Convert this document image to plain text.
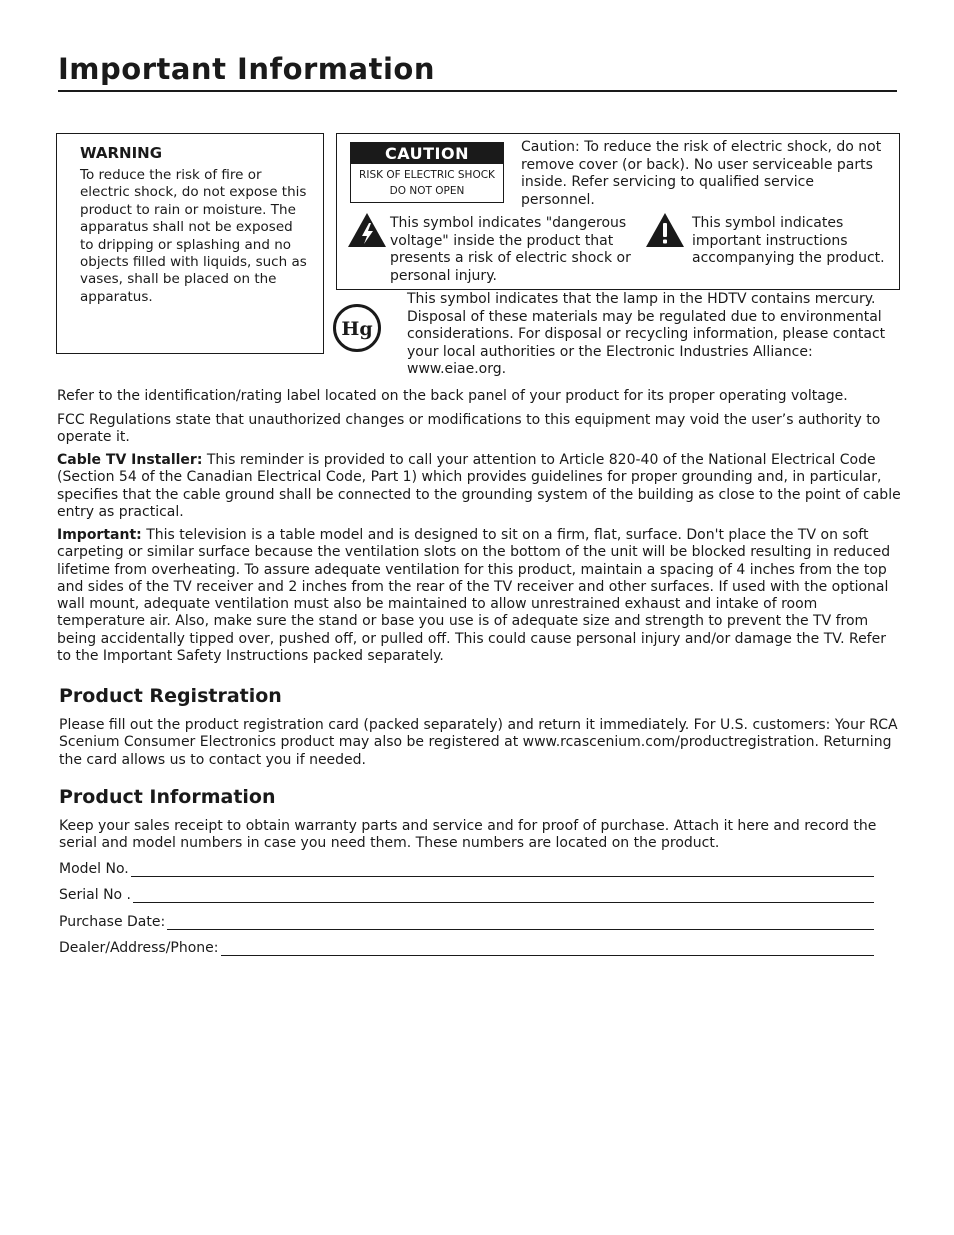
Important Information
WARNING
To reduce the risk of fire or electric shock, do not expose this product to rain or moisture. The apparatus shall not be exposed to dripping or splashing and no objects filled with liquids, such as vases, shall be placed on the apparatus.
CAUTION
RISK OF ELECTRIC SHOCK
DO NOT OPEN
Caution: To reduce the risk of electric shock, do not remove cover (or back). No user serviceable parts inside. Refer servicing to qualified service personnel.
This symbol indicates "dangerous voltage" inside the product that presents a risk of electric shock or personal injury.
This symbol indicates important instructions accompanying the product.
Hg
This symbol indicates that the lamp in the HDTV contains mercury. Disposal of these materials may be regulated due to environmental considerations. For disposal or recycling information, please contact your local authorities or the Electronic Industries Alliance: www.eiae.org.
Refer to the identification/rating label located on the back panel of your product for its proper operating voltage.
FCC Regulations state that unauthorized changes or modifications to this equipment may void the user’s authority to operate it.
Cable TV Installer: This reminder is provided to call your attention to Article 820-40 of the National Electrical Code (Section 54 of the Canadian Electrical Code, Part 1) which provides guidelines for proper grounding and, in particular, specifies that the cable ground shall be connected to the grounding system of the building as close to the point of cable entry as practical.
Important: This television is a table model and is designed to sit on a firm, flat, surface. Don't place the TV on soft carpeting or similar surface because the ventilation slots on the bottom of the unit will be blocked resulting in reduced lifetime from overheating. To assure adequate ventilation for this product, maintain a spacing of 4 inches from the top and sides of the TV receiver and 2 inches from the rear of the TV receiver and other surfaces. If used with the optional wall mount, adequate ventilation must also be maintained to allow unrestrained exhaust and intake of room temperature air. Also, make sure the stand or base you use is of adequate size and strength to prevent the TV from being accidentally tipped over, pushed off, or pulled off. This could cause personal injury and/or damage the TV. Refer to the Important Safety Instructions packed separately.
Product Registration
Please fill out the product registration card (packed separately) and return it immediately. For U.S. customers: Your RCA Scenium Consumer Electronics product may also be registered at www.rcascenium.com/productregistration. Returning the card allows us to contact you if needed.
Product Information
Keep your sales receipt to obtain warranty parts and service and for proof of purchase. Attach it here and record the serial and model numbers in case you need them. These numbers are located on the product.
Model No.
Serial No .
Purchase Date:
Dealer/Address/Phone:
